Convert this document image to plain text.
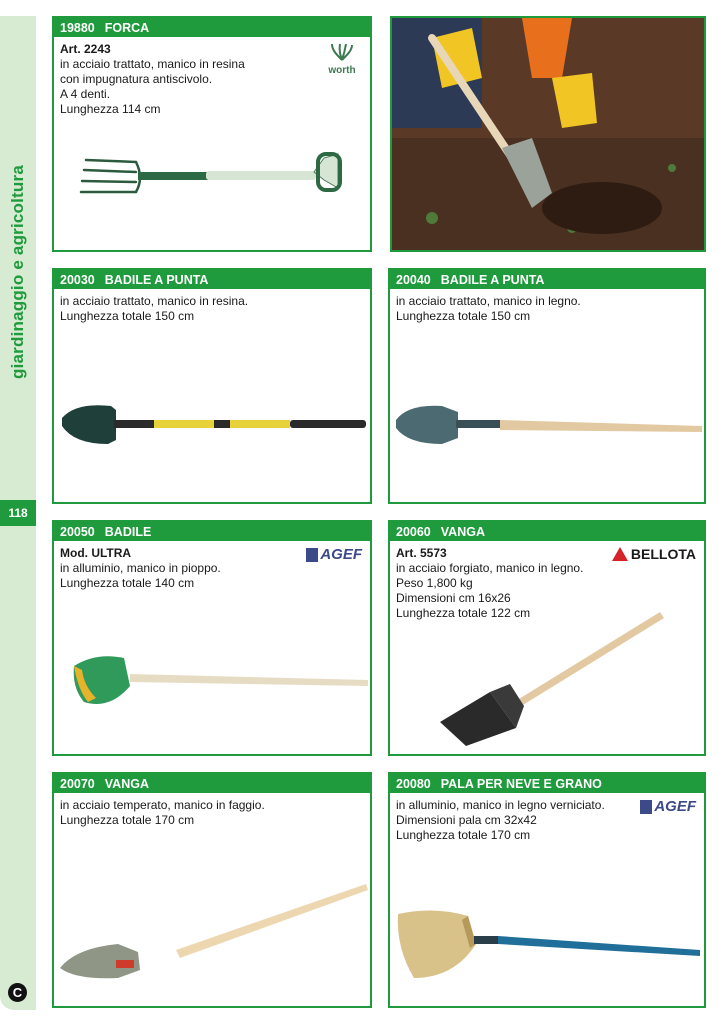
giardinaggio e agricoltura
118
C
19880 FORCA
Art. 2243
in acciaio trattato, manico in resina
con impugnatura antiscivolo.
A 4 denti.
Lunghezza 114 cm
worth
20030 BADILE A PUNTA
in acciaio trattato, manico in resina.
Lunghezza totale 150 cm
20040 BADILE A PUNTA
in acciaio trattato, manico in legno.
Lunghezza totale 150 cm
20050 BADILE
Mod. ULTRA
in alluminio, manico in pioppo.
Lunghezza totale 140 cm
AGEF
20060 VANGA
Art. 5573
in acciaio forgiato, manico in legno.
Peso 1,800 kg
Dimensioni cm 16x26
Lunghezza totale 122 cm
BELLOTA
20070 VANGA
in acciaio temperato, manico in faggio.
Lunghezza totale 170 cm
20080 PALA PER NEVE E GRANO
in alluminio, manico in legno verniciato.
Dimensioni pala cm 32x42
Lunghezza totale 170 cm
AGEF
